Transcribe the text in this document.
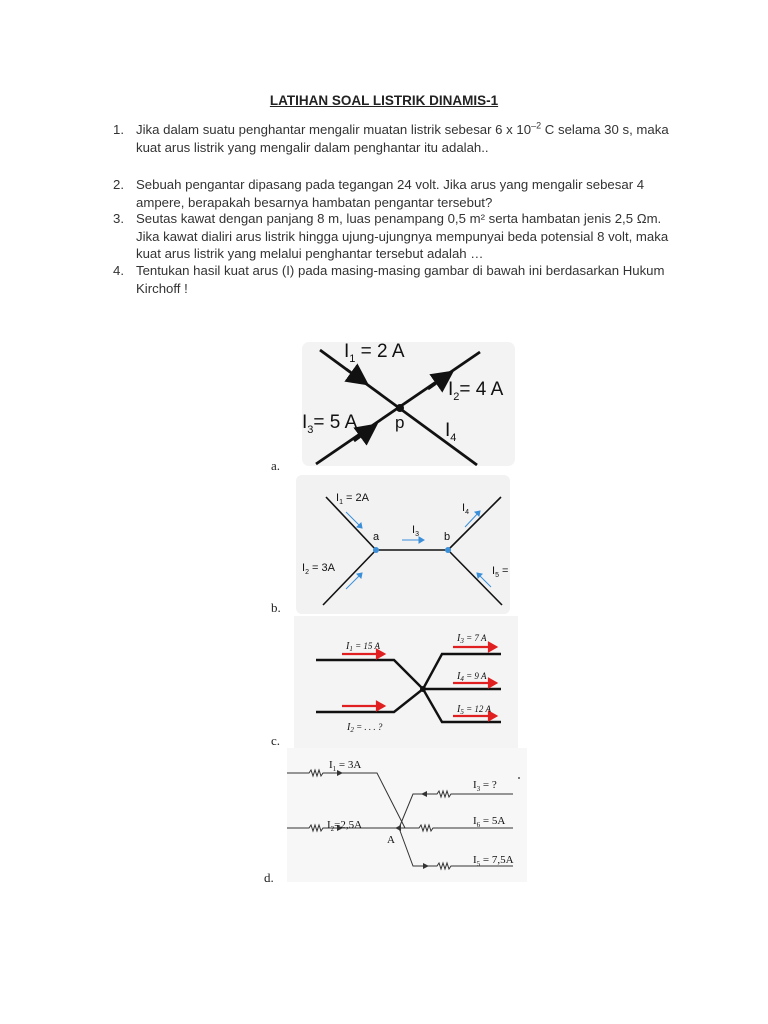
LATIHAN SOAL LISTRIK DINAMIS-1
1. Jika dalam suatu penghantar mengalir muatan listrik sebesar 6 x $10^{-2}$ C selama 30 s, maka kuat arus listrik yang mengalir dalam penghantar itu adalah..
2. Sebuah pengantar dipasang pada tegangan 24 volt. Jika arus yang mengalir sebesar 4 ampere, berapakah besarnya hambatan pengantar tersebut?
3. Seutas kawat dengan panjang 8 m, luas penampang 0,5 m² serta hambatan jenis 2,5 Ωm. Jika kawat dialiri arus listrik hingga ujung-ujungnya mempunyai beda potensial 8 volt, maka kuat arus listrik yang melalui penghantar tersebut adalah …
4. Tentukan hasil kuat arus (I) pada masing-masing gambar di bawah ini berdasarkan Hukum Kirchoff !
a.
$I_1 = 2$ A
$I_2= 4$ A
$I_3= 5$ A p $I_4$
b.
$I_1 = 2A$
a	b
$I_3$
$I_4$
$I_2 = 3A$	$I_5$ =
c.
$I_1 = 15$ A
$I_2$ = . . . ?
$I_3 = 7$ A
$I_4 = 9$ A
$I_5 = 12$ A
d.
$I_1 = 3A$
$I_2=2,5A$
$I_3$ = ?
$I_6 = 5A$
$I_5 = 7,5A$
A
